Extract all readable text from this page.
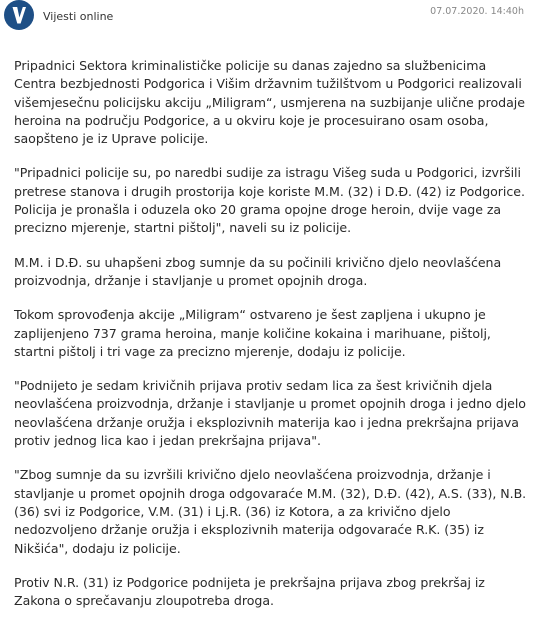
Vijesti online	07.07.2020. 14:40h

Pripadnici Sektora kriminalističke policije su danas zajedno sa službenicima Centra bezbjednosti Podgorica i Višim državnim tužilštvom u Podgorici realizovali višemjesečnu policijsku akciju „Miligram“, usmjerena na suzbijanje ulične prodaje heroina na području Podgorice, a u okviru koje je procesuirano osam osoba, saopšteno je iz Uprave policije.

"Pripadnici policije su, po naredbi sudije za istragu Višeg suda u Podgorici, izvršili pretrese stanova i drugih prostorija koje koriste M.M. (32) i D.Đ. (42) iz Podgorice. Policija je pronašla i oduzela oko 20 grama opojne droge heroin, dvije vage za precizno mjerenje, startni pištolj", naveli su iz policije.

M.M. i D.Đ. su uhapšeni zbog sumnje da su počinili krivično djelo neovlašćena proizvodnja, držanje i stavljanje u promet opojnih droga.

Tokom sprovođenja akcije „Miligram“ ostvareno je šest zapljena i ukupno je zaplijenjeno 737 grama heroina, manje količine kokaina i marihuane, pištolj, startni pištolj i tri vage za precizno mjerenje, dodaju iz policije.

"Podnijeto je sedam krivičnih prijava protiv sedam lica za šest krivičnih djela neovlašćena proizvodnja, držanje i stavljanje u promet opojnih droga i jedno djelo neovlašćena držanje oružja i eksplozivnih materija kao i jedna prekršajna prijava protiv jednog lica kao i jedan prekršajna prijava".

"Zbog sumnje da su izvršili krivično djelo neovlašćena proizvodnja, držanje i stavljanje u promet opojnih droga odgovaraće M.M. (32), D.Đ. (42), A.S. (33), N.B. (36) svi iz Podgorice, V.M. (31) i Lj.R. (36) iz Kotora, a za krivično djelo nedozvoljeno držanje oružja i eksplozivnih materija odgovaraće R.K. (35) iz Nikšića", dodaju iz policije.

Protiv N.R. (31) iz Podgorice podnijeta je prekršajna prijava zbog prekršaj iz Zakona o sprečavanju zloupotreba droga.
